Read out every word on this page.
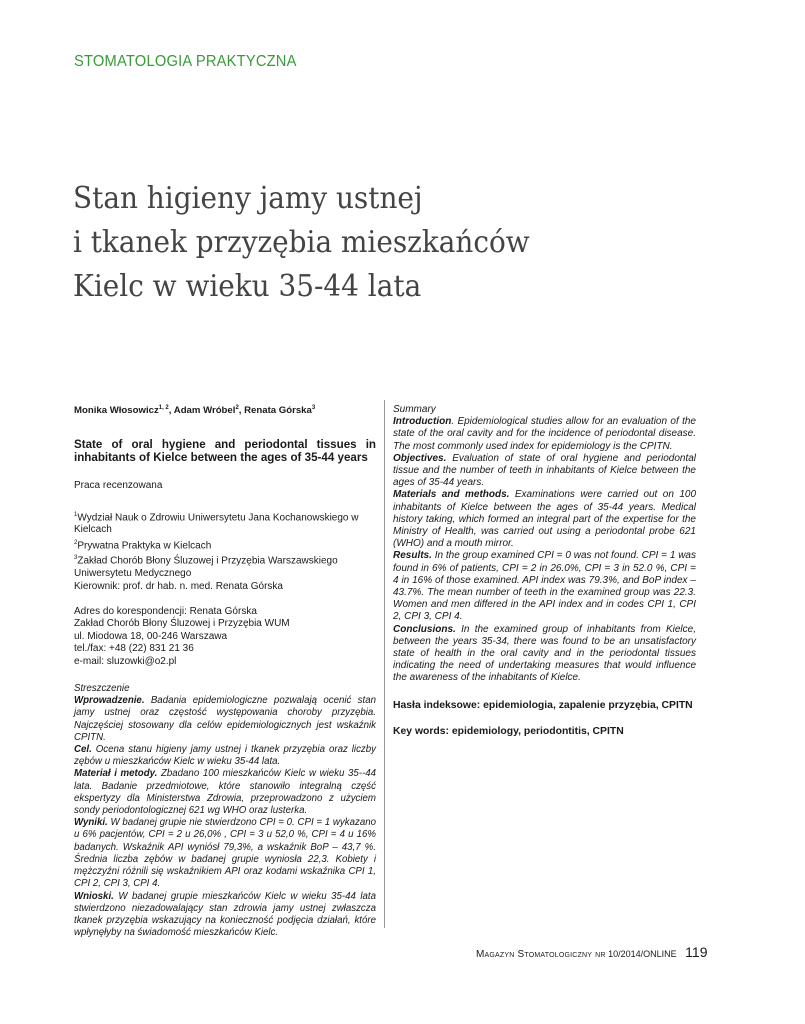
STOMATOLOGIA PRAKTYCZNA
Stan higieny jamy ustnej
i tkanek przyzębia mieszkańców
Kielc w wieku 35-44 lata

Monika Włosowicz$^{1, 2}$, Adam Wróbel$^2$, Renata Górska$^3$

State of oral hygiene and periodontal tissues in inhabitants of Kielce between the ages of 35-44 years

Praca recenzowana

$^1$Wydział Nauk o Zdrowiu Uniwersytetu Jana Kochanowskiego w Kielcach

$^2$Prywatna Praktyka w Kielcach

$^3$Zakład Chorób Błony Śluzowej i Przyzębia Warszawskiego Uniwersytetu Medycznego

Kierownik: prof. dr hab. n. med. Renata Górska

Adres do korespondencji: Renata Górska

Zakład Chorób Błony Śluzowej i Przyzębia WUM

ul. Miodowa 18, 00-246 Warszawa

tel./fax: +48 (22) 831 21 36

e-mail: sluzowki@o2.pl

Streszczenie

Wprowadzenie. Badania epidemiologiczne pozwalają ocenić stan jamy ustnej oraz częstość występowania choroby przyzębia. Najczęściej stosowany dla celów epidemiologicznych jest wskaźnik CPITN.

Cel. Ocena stanu higieny jamy ustnej i tkanek przyzębia oraz liczby zębów u mieszkańców Kielc w wieku 35-44 lata.

Materiał i metody. Zbadano 100 mieszkańców Kielc w wieku 35--44 lata. Badanie przedmiotowe, które stanowiło integralną część ekspertyzy dla Ministerstwa Zdrowia, przeprowadzono z użyciem sondy periodontologicznej 621 wg WHO oraz lusterka.

Wyniki. W badanej grupie nie stwierdzono CPI = 0. CPI = 1 wykazano u 6% pacjentów, CPI = 2 u 26,0% , CPI = 3 u 52,0 %, CPI = 4 u 16% badanych. Wskaźnik API wyniósł 79,3%, a wskaźnik BoP – 43,7 %. Średnia liczba zębów w badanej grupie wyniosła 22,3. Kobiety i mężczyźni różnili się wskaźnikiem API oraz kodami wskaźnika CPI 1, CPI 2, CPI 3, CPI 4.

Wnioski. W badanej grupie mieszkańców Kielc w wieku 35-44 lata stwierdzono niezadowalający stan zdrowia jamy ustnej zwłaszcza tkanek przyzębia wskazujący na konieczność podjęcia działań, które wpłynęłyby na świadomość mieszkańców Kielc.

Summary

Introduction. Epidemiological studies allow for an evaluation of the state of the oral cavity and for the incidence of periodontal disease. The most commonly used index for epidemiology is the CPITN.

Objectives. Evaluation of state of oral hygiene and periodontal tissue and the number of teeth in inhabitants of Kielce between the ages of 35-44 years.

Materials and methods. Examinations were carried out on 100 inhabitants of Kielce between the ages of 35-44 years. Medical history taking, which formed an integral part of the expertise for the Ministry of Health, was carried out using a periodontal probe 621 (WHO) and a mouth mirror.

Results. In the group examined CPI = 0 was not found. CPI = 1 was found in 6% of patients, CPI = 2 in 26.0%, CPI = 3 in 52.0 %, CPI = 4 in 16% of those examined. API index was 79.3%, and BoP index – 43.7%. The mean number of teeth in the examined group was 22.3. Women and men differed in the API index and in codes CPI 1, CPI 2, CPI 3, CPI 4.

Conclusions. In the examined group of inhabitants from Kielce, between the years 35-34, there was found to be an unsatisfactory state of health in the oral cavity and in the periodontal tissues indicating the need of undertaking measures that would influence the awareness of the inhabitants of Kielce.

Hasła indeksowe: epidemiologia, zapalenie przyzębia, CPITN

Key words: epidemiology, periodontitis, CPITN

Magazyn Stomatologiczny nr 10/2014/ONLINE 119
